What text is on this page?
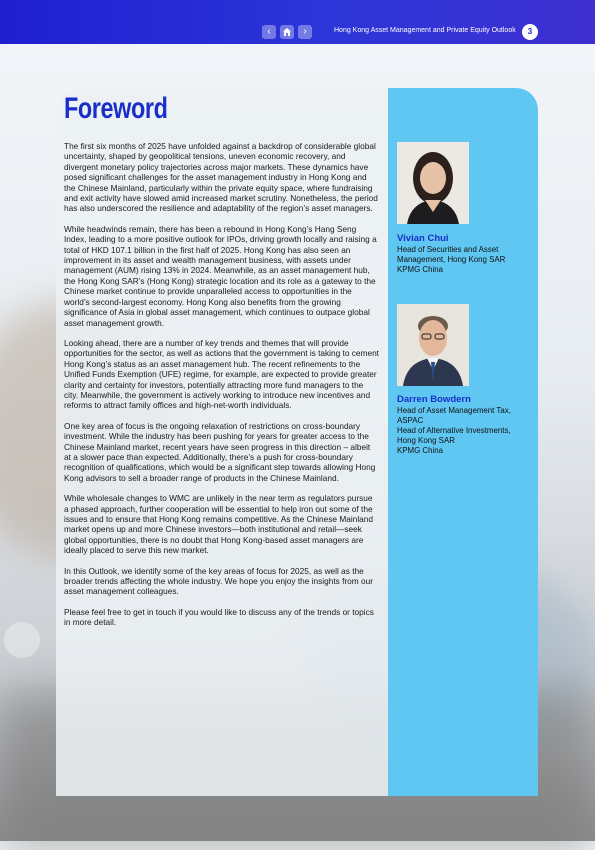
‹	›	Hong Kong Asset Management and Private Equity Outlook	3
Foreword

The first six months of 2025 have unfolded against a backdrop of considerable global uncertainty, shaped by geopolitical tensions, uneven economic recovery, and divergent monetary policy trajectories across major markets. These dynamics have posed significant challenges for the asset management industry in Hong Kong and the Chinese Mainland, particularly within the private equity space, where fundraising and exit activity have slowed amid increased market scrutiny. Nonetheless, the period has also underscored the resilience and adaptability of the region’s asset managers.

While headwinds remain, there has been a rebound in Hong Kong’s Hang Seng Index, leading to a more positive outlook for IPOs, driving growth locally and raising a total of HKD 107.1 billion in the first half of 2025. Hong Kong has also seen an improvement in its asset and wealth management business, with assets under management (AUM) rising 13% in 2024. Meanwhile, as an asset management hub, the Hong Kong SAR’s (Hong Kong) strategic location and its role as a gateway to the Chinese market continue to provide unparalleled access to opportunities in the world’s second-largest economy. Hong Kong also benefits from the growing significance of Asia in global asset management, which continues to outpace global asset management growth.

Looking ahead, there are a number of key trends and themes that will provide opportunities for the sector, as well as actions that the government is taking to cement Hong Kong’s status as an asset management hub. The recent refinements to the Unified Funds Exemption (UFE) regime, for example, are expected to provide greater clarity and certainty for investors, potentially attracting more fund managers to the city. Meanwhile, the government is actively working to introduce new incentives and reforms to attract family offices and high-net-worth individuals.

One key area of focus is the ongoing relaxation of restrictions on cross-boundary investment. While the industry has been pushing for years for greater access to the Chinese Mainland market, recent years have seen progress in this direction – albeit at a slower pace than expected. Additionally, there’s a push for cross-boundary recognition of qualifications, which would be a significant step towards allowing Hong Kong advisors to sell a broader range of products in the Chinese Mainland.

While wholesale changes to WMC are unlikely in the near term as regulators pursue a phased approach, further cooperation will be essential to help iron out some of the issues and to ensure that Hong Kong remains competitive. As the Chinese Mainland market opens up and more Chinese investors—both institutional and retail—seek global opportunities, there is no doubt that Hong Kong-based asset managers are ideally placed to serve this new market.

In this Outlook, we identify some of the key areas of focus for 2025, as well as the broader trends affecting the whole industry. We hope you enjoy the insights from our asset management colleagues.

Please feel free to get in touch if you would like to discuss any of the trends or topics in more detail.

Vivian Chui
Head of Securities and Asset
Management, Hong Kong SAR
KPMG China
Darren Bowdern
Head of Asset Management Tax,
ASPAC
Head of Alternative Investments,
Hong Kong SAR
KPMG China
